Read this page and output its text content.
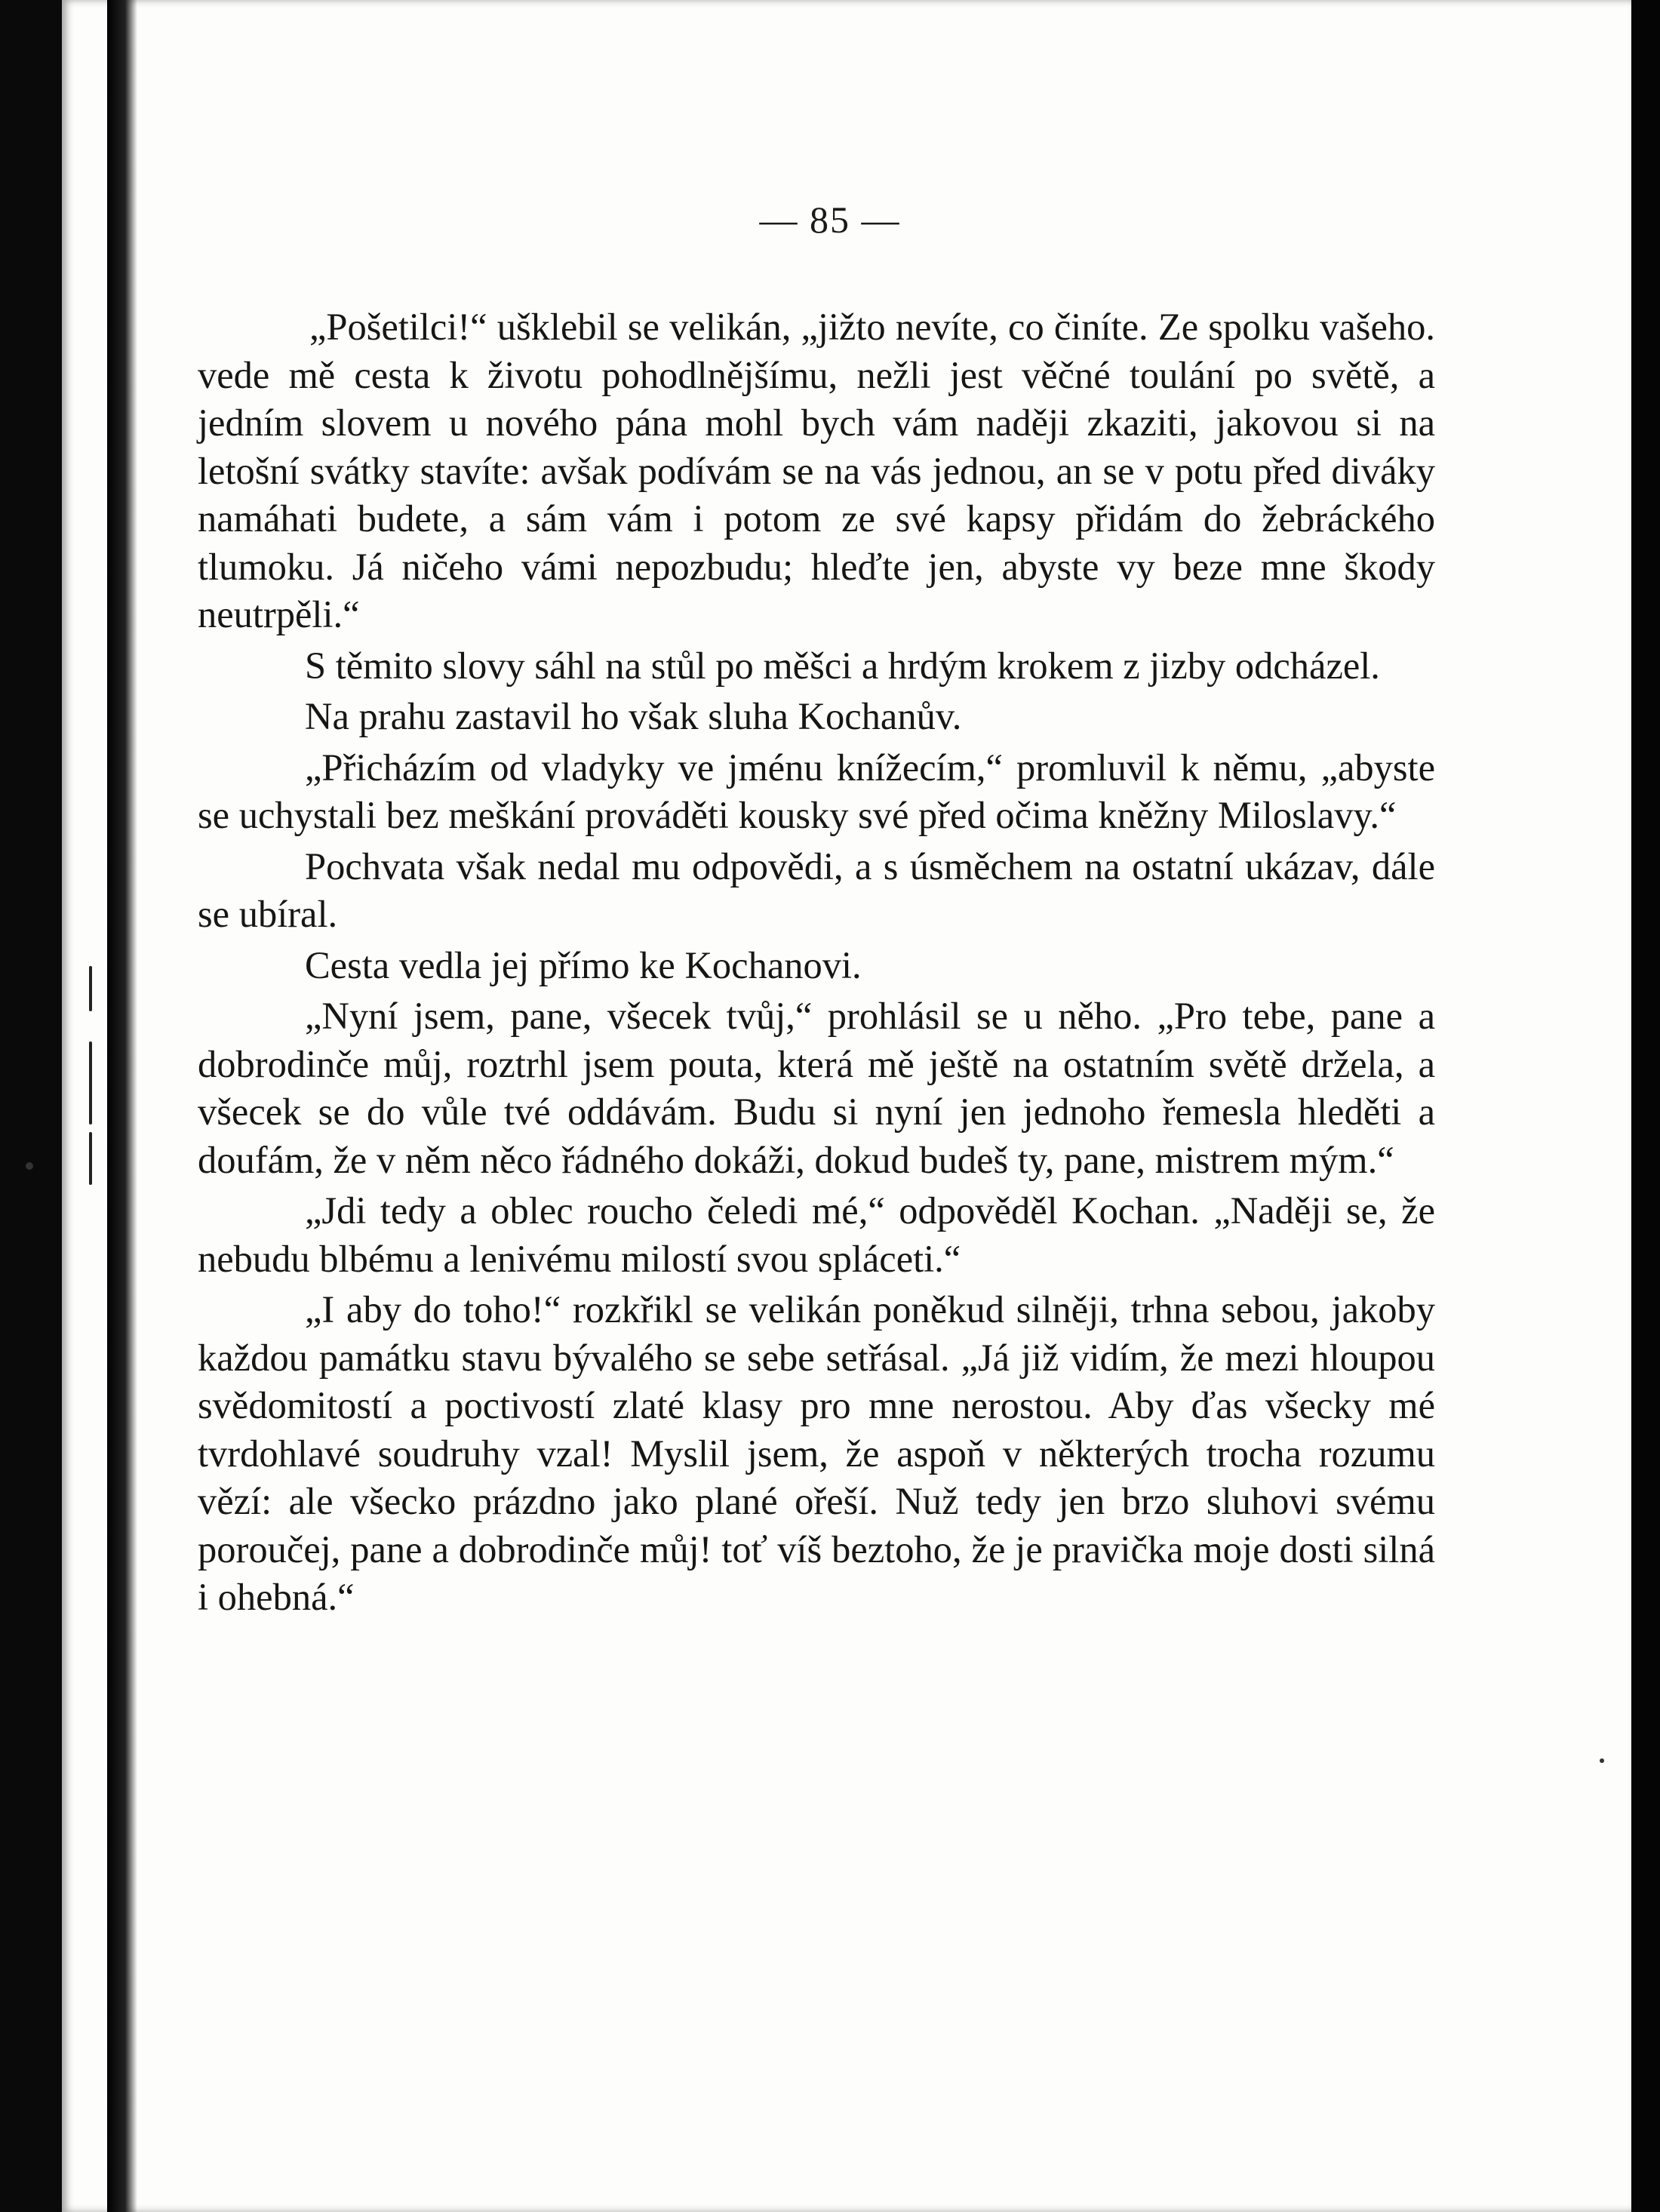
— 85 —

„Pošetilci!“ ušklebil se velikán, „jižto nevíte, co činíte. Ze spolku vašeho. vede mě cesta k životu pohodlnějšímu, nežli jest věčné toulání po světě, a jedním slovem u nového pána mohl bych vám naději zkaziti, jakovou si na letošní svátky stavíte: avšak podívám se na vás jednou, an se v potu před diváky namáhati budete, a sám vám i potom ze své kapsy přidám do žebráckého tlumoku. Já ničeho vámi nepozbudu; hleďte jen, abyste vy beze mne škody neutrpěli.“

S těmito slovy sáhl na stůl po měšci a hrdým krokem z jizby odcházel.

Na prahu zastavil ho však sluha Kochanův.

„Přicházím od vladyky ve jménu knížecím,“ promluvil k němu, „abyste se uchystali bez meškání prováděti kousky své před očima kněžny Miloslavy.“

Pochvata však nedal mu odpovědi, a s úsměchem na ostatní ukázav, dále se ubíral.

Cesta vedla jej přímo ke Kochanovi.

„Nyní jsem, pane, všecek tvůj,“ prohlásil se u něho. „Pro tebe, pane a dobrodinče můj, roztrhl jsem pouta, která mě ještě na ostatním světě držela, a všecek se do vůle tvé oddávám. Budu si nyní jen jednoho řemesla hleděti a doufám, že v něm něco řádného dokáži, dokud budeš ty, pane, mistrem mým.“

„Jdi tedy a oblec roucho čeledi mé,“ odpověděl Kochan. „Naději se, že nebudu blbému a lenivému milostí svou spláceti.“

„I aby do toho!“ rozkřikl se velikán poněkud silněji, trhna sebou, jakoby každou památku stavu bývalého se sebe setřásal. „Já již vidím, že mezi hloupou svědomitostí a poctivostí zlaté klasy pro mne nerostou. Aby ďas všecky mé tvrdohlavé soudruhy vzal! Myslil jsem, že aspoň v některých trocha rozumu vězí: ale všecko prázdno jako plané ořeší. Nuž tedy jen brzo sluhovi svému poroučej, pane a dobrodinče můj! toť víš beztoho, že je pravička moje dosti silná i ohebná.“
